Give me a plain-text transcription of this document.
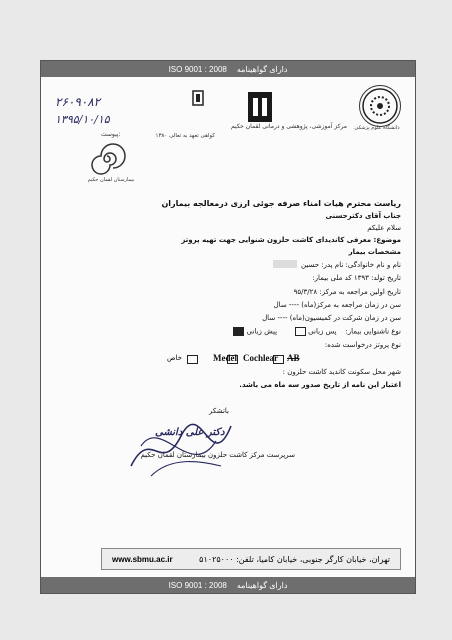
ISO 9001 : 2008 دارای گواهینامه
دانشگاه علوم پزشکی
مرکز آموزشی، پژوهشی و درمانی لقمان حکیم
کواهی تعهد به تعالی ۱۳۸۰
بیمارستان لقمان حکیم
۲۶۰۹۰۸۲
۱۳۹۵/۱۰/۱۵
پیوست:
ریاست محترم هیات امناء صرفه جوئی ارزی درمعالجه بیماران
جناب آقای دکترحسنی
سلام علیکم
موضوع: معرفی کاندیدای کاشت حلزون شنوایی جهت تهیه پروتز
مشخصات بیمار
نام و نام خانوادگی: نام پدر: حسین
تاریخ تولد: ۱۳۹۳ کد ملی بیمار:
تاریخ اولین مراجعه به مرکز: ۹۵/۳/۲۸
سن در زمان مراجعه به مرکز(ماه) ---- سال
سن در زمان شرکت در کمیسیون(ماه) ---- سال
نوع ناشنوایی بیمار:    پس زبانی         پیش زبانی
نوع پروتز درخواست شده:
Cochlear AB
Medel
خاص
شهر محل سکونت کاندید کاشت حلزون :
اعتبار این نامه از تاریخ صدور سه ماه می باشد.
باتشکر
دکتر علی دانشی
سرپرست مرکز کاشت حلزون بیمارستان لقمان حکیم
www.sbmu.ac.ir	تهران، خیابان کارگر جنوبی، خیابان کامیا، تلفن: ۵۱۰۲۵۰۰۰
ISO 9001 : 2008 دارای گواهینامه
